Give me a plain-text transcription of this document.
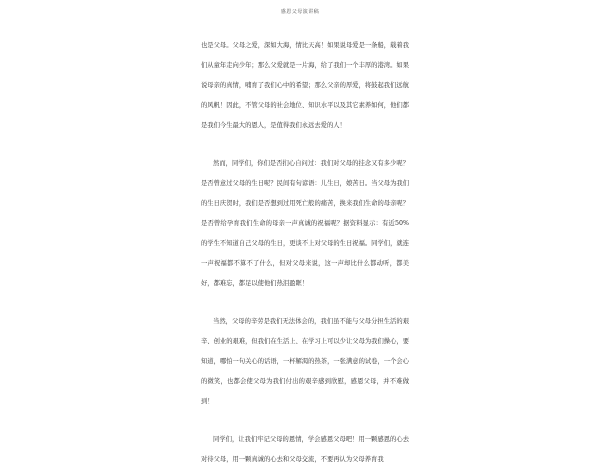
感恩父母演讲稿

也是父母。父母之爱，深如大海，情比天高！如果说母爱是一条船，载着我们从童年走向少年；那么父爱就是一片海，给了我们一个丰厚的港湾。如果说母亲的真情，哺育了我们心中的希望；那么父亲的厚爱，将鼓起我们远航的风帆！因此，不管父母的社会地位、知识水平以及其它素养如何，他们都是我们今生最大的恩人，是值得我们永远去爱的人！

然而，同学们，你们是否扪心自问过：我们对父母的挂念又有多少呢？是否曾意过父母的生日呢？民间有句谚语：儿生日，娘苦日。当父母为我们的生日庆贺时，我们是否想到过用死亡般的痛苦，换来我们生命的母亲呢？是否曾给孕育我们生命的母亲一声真诚的祝福呢？据资料显示：有近50%的学生不知道自己父母的生日，更谈不上对父母的生日祝福。同学们，就连一声祝福都不算不了什么，但对父母来说，这一声却比什么都动听，都美好，都难忘，都足以使他们热泪盈眶！

当然，父母的辛劳是我们无法体会的，我们虽不能与父母分担生活的艰辛、创业的艰难，但我们在生活上、在学习上可以少让父母为我们操心，要知道，哪怕一句关心的话语，一杯解渴的热茶，一张满意的试卷，一个会心的微笑，也都会使父母为我们付出的艰辛感到欣慰，感恩父母，并不难做到！

同学们，让我们牢记父母的恩情，学会感恩父母吧！用一颗感恩的心去对待父母，用一颗真诚的心去和父母交流，不要再认为父母养育我
